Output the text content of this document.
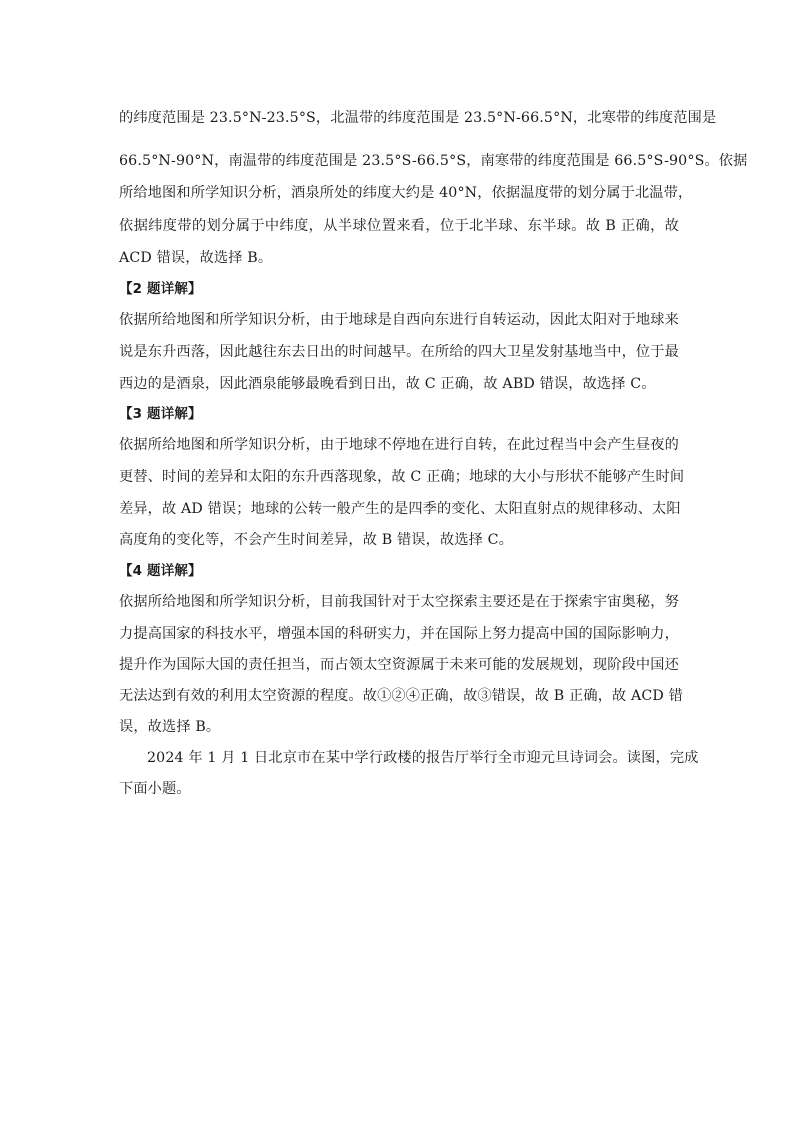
的纬度范围是 23.5°N-23.5°S，北温带的纬度范围是 23.5°N-66.5°N，北寒带的纬度范围是
66.5°N-90°N，南温带的纬度范围是 23.5°S-66.5°S，南寒带的纬度范围是 66.5°S-90°S。依据
所给地图和所学知识分析，酒泉所处的纬度大约是 40°N，依据温度带的划分属于北温带，
依据纬度带的划分属于中纬度，从半球位置来看，位于北半球、东半球。故 B 正确，故
ACD 错误，故选择 B。
【2 题详解】
依据所给地图和所学知识分析，由于地球是自西向东进行自转运动，因此太阳对于地球来
说是东升西落，因此越往东去日出的时间越早。在所给的四大卫星发射基地当中，位于最
西边的是酒泉，因此酒泉能够最晚看到日出，故 C 正确，故 ABD 错误，故选择 C。
【3 题详解】
依据所给地图和所学知识分析，由于地球不停地在进行自转，在此过程当中会产生昼夜的
更替、时间的差异和太阳的东升西落现象，故 C 正确；地球的大小与形状不能够产生时间
差异，故 AD 错误；地球的公转一般产生的是四季的变化、太阳直射点的规律移动、太阳
高度角的变化等，不会产生时间差异，故 B 错误，故选择 C。
【4 题详解】
依据所给地图和所学知识分析，目前我国针对于太空探索主要还是在于探索宇宙奥秘，努
力提高国家的科技水平，增强本国的科研实力，并在国际上努力提高中国的国际影响力，
提升作为国际大国的责任担当，而占领太空资源属于未来可能的发展规划，现阶段中国还
无法达到有效的利用太空资源的程度。故①②④正确，故③错误，故 B 正确，故 ACD 错
误，故选择 B。
2024 年 1 月 1 日北京市在某中学行政楼的报告厅举行全市迎元旦诗词会。读图，完成
下面小题。
